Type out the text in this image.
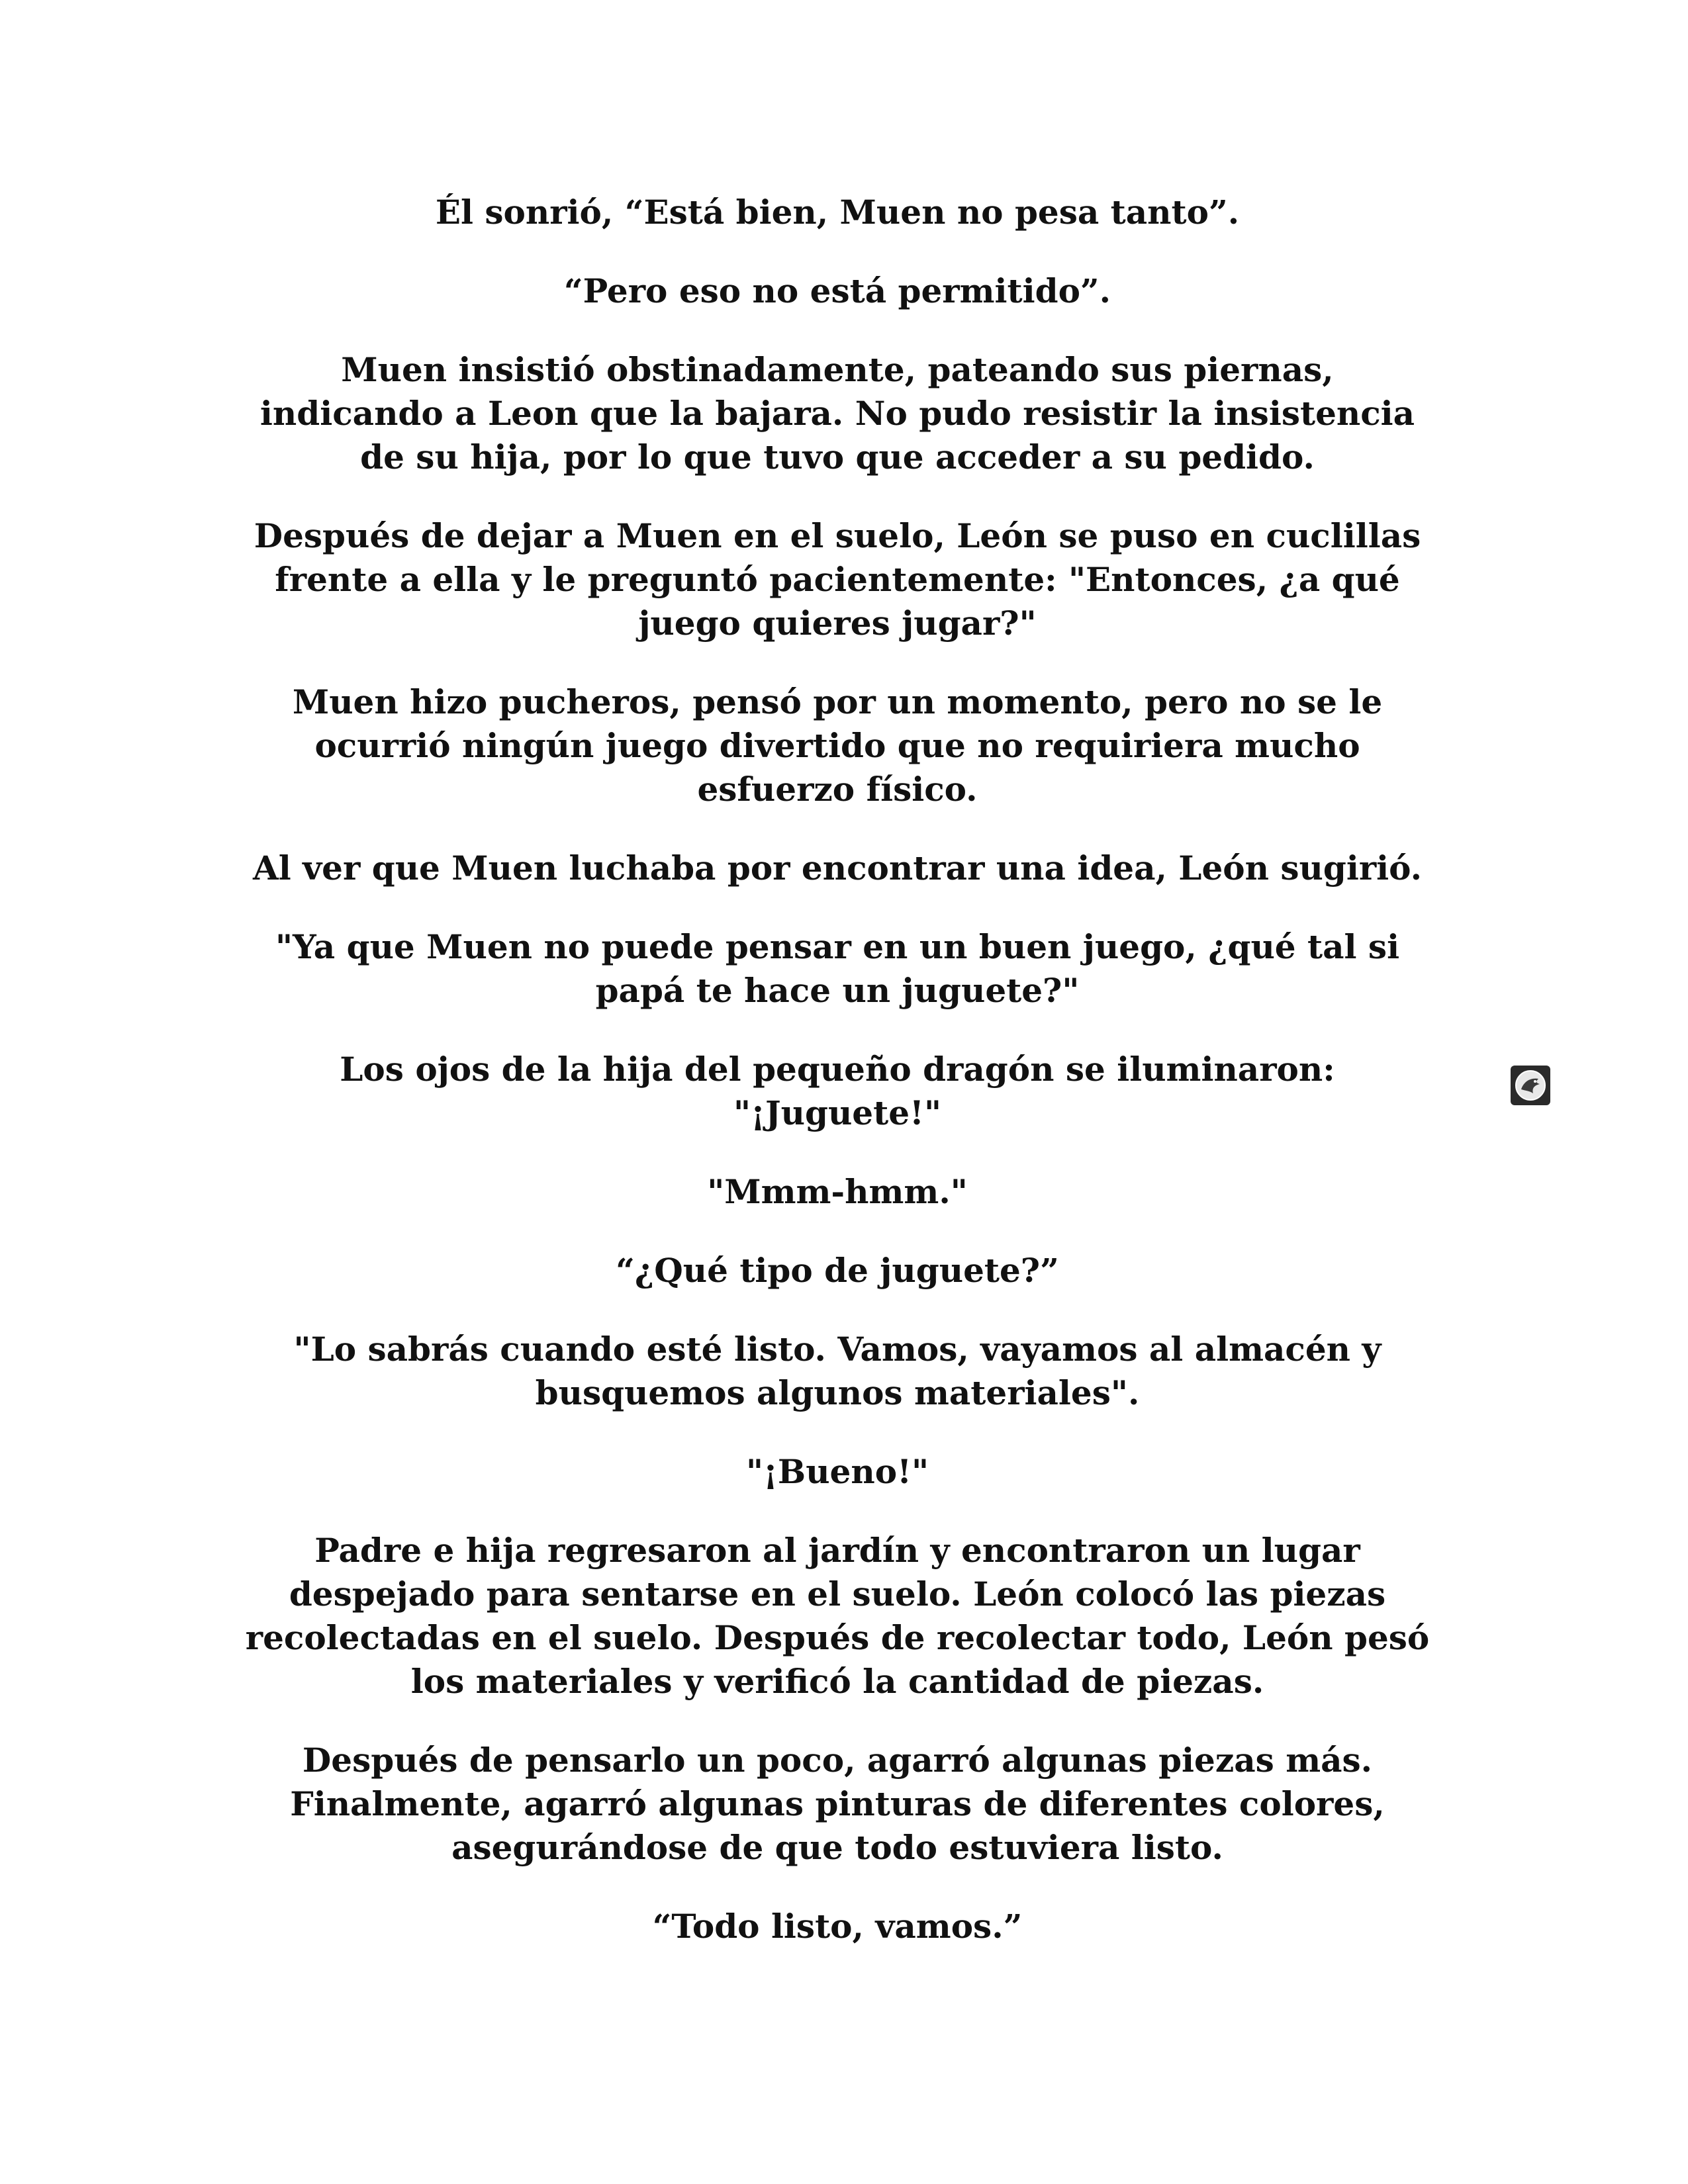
Él sonrió, “Está bien, Muen no pesa tanto”.

“Pero eso no está permitido”.

Muen insistió obstinadamente, pateando sus piernas,
indicando a Leon que la bajara. No pudo resistir la insistencia
de su hija, por lo que tuvo que acceder a su pedido.

Después de dejar a Muen en el suelo, León se puso en cuclillas
frente a ella y le preguntó pacientemente: "Entonces, ¿a qué
juego quieres jugar?"

Muen hizo pucheros, pensó por un momento, pero no se le
ocurrió ningún juego divertido que no requiriera mucho
esfuerzo físico.

Al ver que Muen luchaba por encontrar una idea, León sugirió.

"Ya que Muen no puede pensar en un buen juego, ¿qué tal si
papá te hace un juguete?"

Los ojos de la hija del pequeño dragón se iluminaron:
"¡Juguete!"

"Mmm-hmm."

“¿Qué tipo de juguete?”

"Lo sabrás cuando esté listo. Vamos, vayamos al almacén y
busquemos algunos materiales".

"¡Bueno!"

Padre e hija regresaron al jardín y encontraron un lugar
despejado para sentarse en el suelo. León colocó las piezas
recolectadas en el suelo. Después de recolectar todo, León pesó
los materiales y verificó la cantidad de piezas.

Después de pensarlo un poco, agarró algunas piezas más.
Finalmente, agarró algunas pinturas de diferentes colores,
asegurándose de que todo estuviera listo.

“Todo listo, vamos.”
